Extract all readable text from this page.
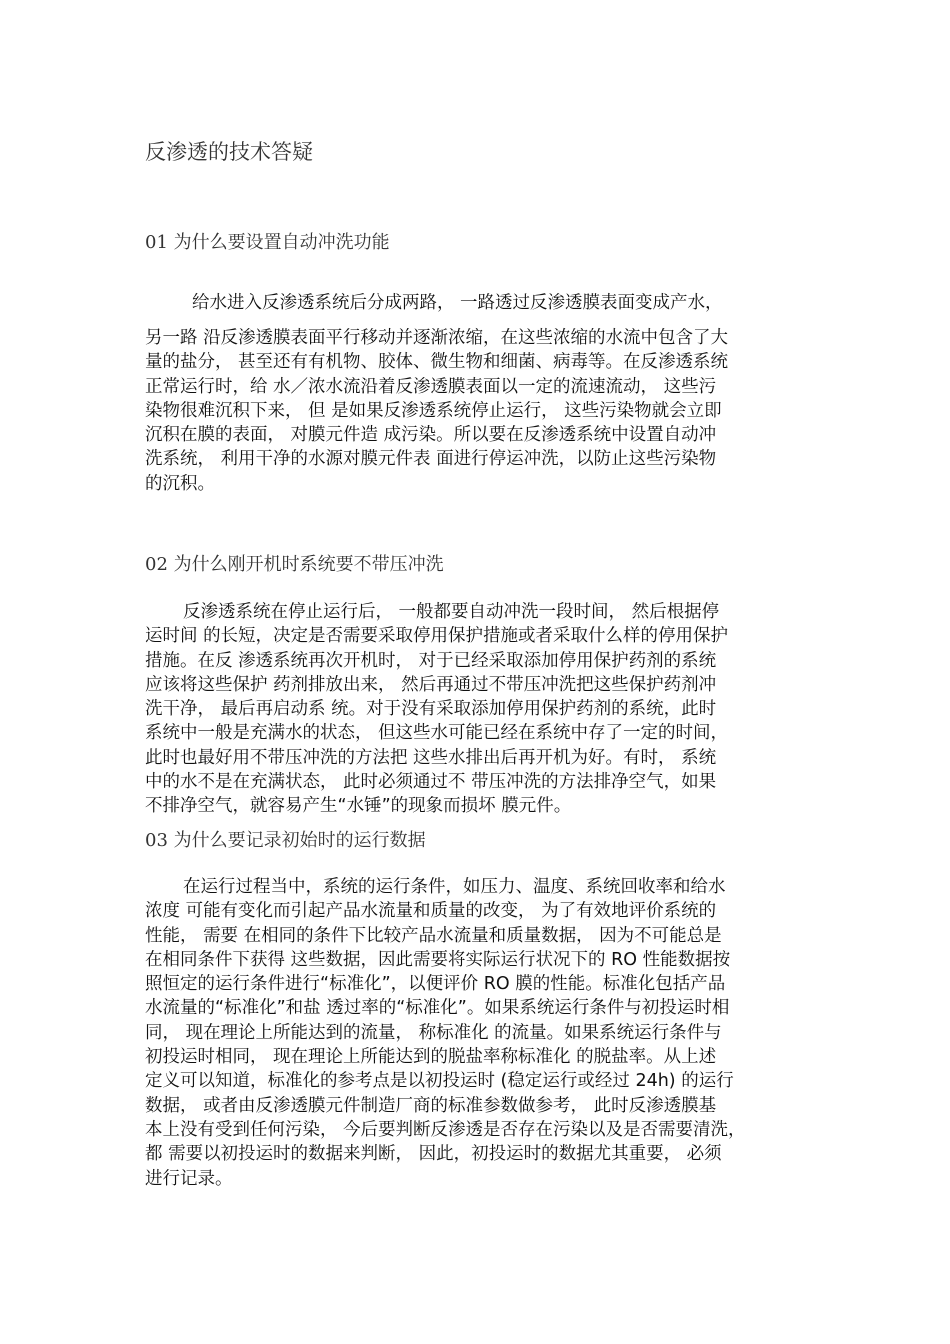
反渗透的技术答疑
01 为什么要设置自动冲洗功能
给水进入反渗透系统后分成两路， 一路透过反渗透膜表面变成产水，
另一路 沿反渗透膜表面平行移动并逐渐浓缩，在这些浓缩的水流中包含了大
量的盐分， 甚至还有有机物、胶体、微生物和细菌、病毒等。在反渗透系统
正常运行时，给 水／浓水流沿着反渗透膜表面以一定的流速流动， 这些污
染物很难沉积下来， 但 是如果反渗透系统停止运行， 这些污染物就会立即
沉积在膜的表面， 对膜元件造 成污染。所以要在反渗透系统中设置自动冲
洗系统， 利用干净的水源对膜元件表 面进行停运冲洗，以防止这些污染物
的沉积。
02 为什么刚开机时系统要不带压冲洗
反渗透系统在停止运行后， 一般都要自动冲洗一段时间， 然后根据停
运时间 的长短，决定是否需要采取停用保护措施或者采取什么样的停用保护
措施。在反 渗透系统再次开机时， 对于已经采取添加停用保护药剂的系统
应该将这些保护 药剂排放出来， 然后再通过不带压冲洗把这些保护药剂冲
洗干净， 最后再启动系 统。对于没有采取添加停用保护药剂的系统，此时
系统中一般是充满水的状态， 但这些水可能已经在系统中存了一定的时间，
此时也最好用不带压冲洗的方法把 这些水排出后再开机为好。有时， 系统
中的水不是在充满状态， 此时必须通过不 带压冲洗的方法排净空气，如果
不排净空气，就容易产生“水锤”的现象而损坏 膜元件。
03 为什么要记录初始时的运行数据
在运行过程当中，系统的运行条件，如压力、温度、系统回收率和给水
浓度 可能有变化而引起产品水流量和质量的改变， 为了有效地评价系统的
性能， 需要 在相同的条件下比较产品水流量和质量数据， 因为不可能总是
在相同条件下获得 这些数据，因此需要将实际运行状况下的 RO 性能数据按
照恒定的运行条件进行“标准化”，以便评价 RO 膜的性能。标准化包括产品
水流量的“标准化”和盐 透过率的“标准化”。如果系统运行条件与初投运时相
同， 现在理论上所能达到的流量， 称标准化 的流量。如果系统运行条件与
初投运时相同， 现在理论上所能达到的脱盐率称标准化 的脱盐率。从上述
定义可以知道，标准化的参考点是以初投运时 (稳定运行或经过 24h) 的运行
数据， 或者由反渗透膜元件制造厂商的标准参数做参考， 此时反渗透膜基
本上没有受到任何污染， 今后要判断反渗透是否存在污染以及是否需要清洗，
都 需要以初投运时的数据来判断， 因此，初投运时的数据尤其重要， 必须
进行记录。
